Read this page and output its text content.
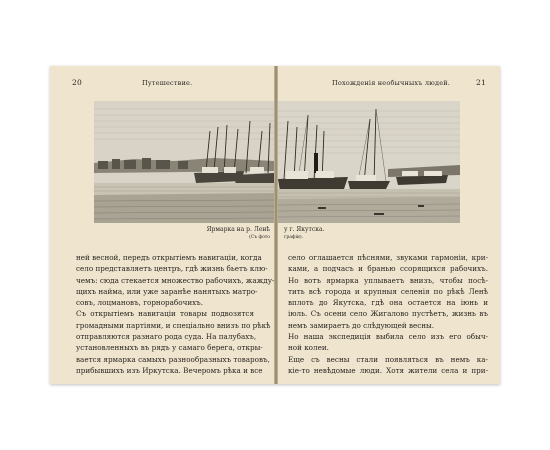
20	Путешествие.
Ярмарка на р. Ленѣ
(Съ фото
ней весной, передъ открытіемъ навигаціи, когда
село представляетъ центръ, гдѣ жизнь бьетъ клю-
чемъ: сюда стекается множество рабочихъ, жажду-
щихъ найма, или уже заранѣе нанятыхъ матро-
совъ, лоцмановъ, горнорабочихъ.
Съ открытіемъ навигаціи товары подвозятся
громадными партіями, и спеціально внизъ по рѣкѣ
отправляются разнаго рода суда. На палубахъ,
установленныхъ въ рядъ у самаго берега, откры-
вается ярмарка самыхъ разнообразныхъ товаровъ,
прибывшихъ изъ Иркутска. Вечеромъ рѣка и все
Похожденія необычныхъ людей.	21
у г. Якутска.
графіи).
село оглашается пѣснями, звуками гармоніи, кри-
ками, а подчасъ и бранью ссорящихся рабочихъ.
Но вотъ ярмарка уплываетъ внизъ, чтобы посѣ-
тить всѣ города и крупныя селенія по рѣкѣ Ленѣ
вплоть до Якутска, гдѣ она остается на іюнь и
іюль. Съ осени село Жигалово пустѣетъ, жизнь въ
немъ замираетъ до слѣдующей весны.
Но наша экспедиція выбила село изъ его обыч-
ной колеи.
Еще съ весны стали появляться въ немъ ка-
кіе-то невѣдомые люди. Хотя жители села и при-
